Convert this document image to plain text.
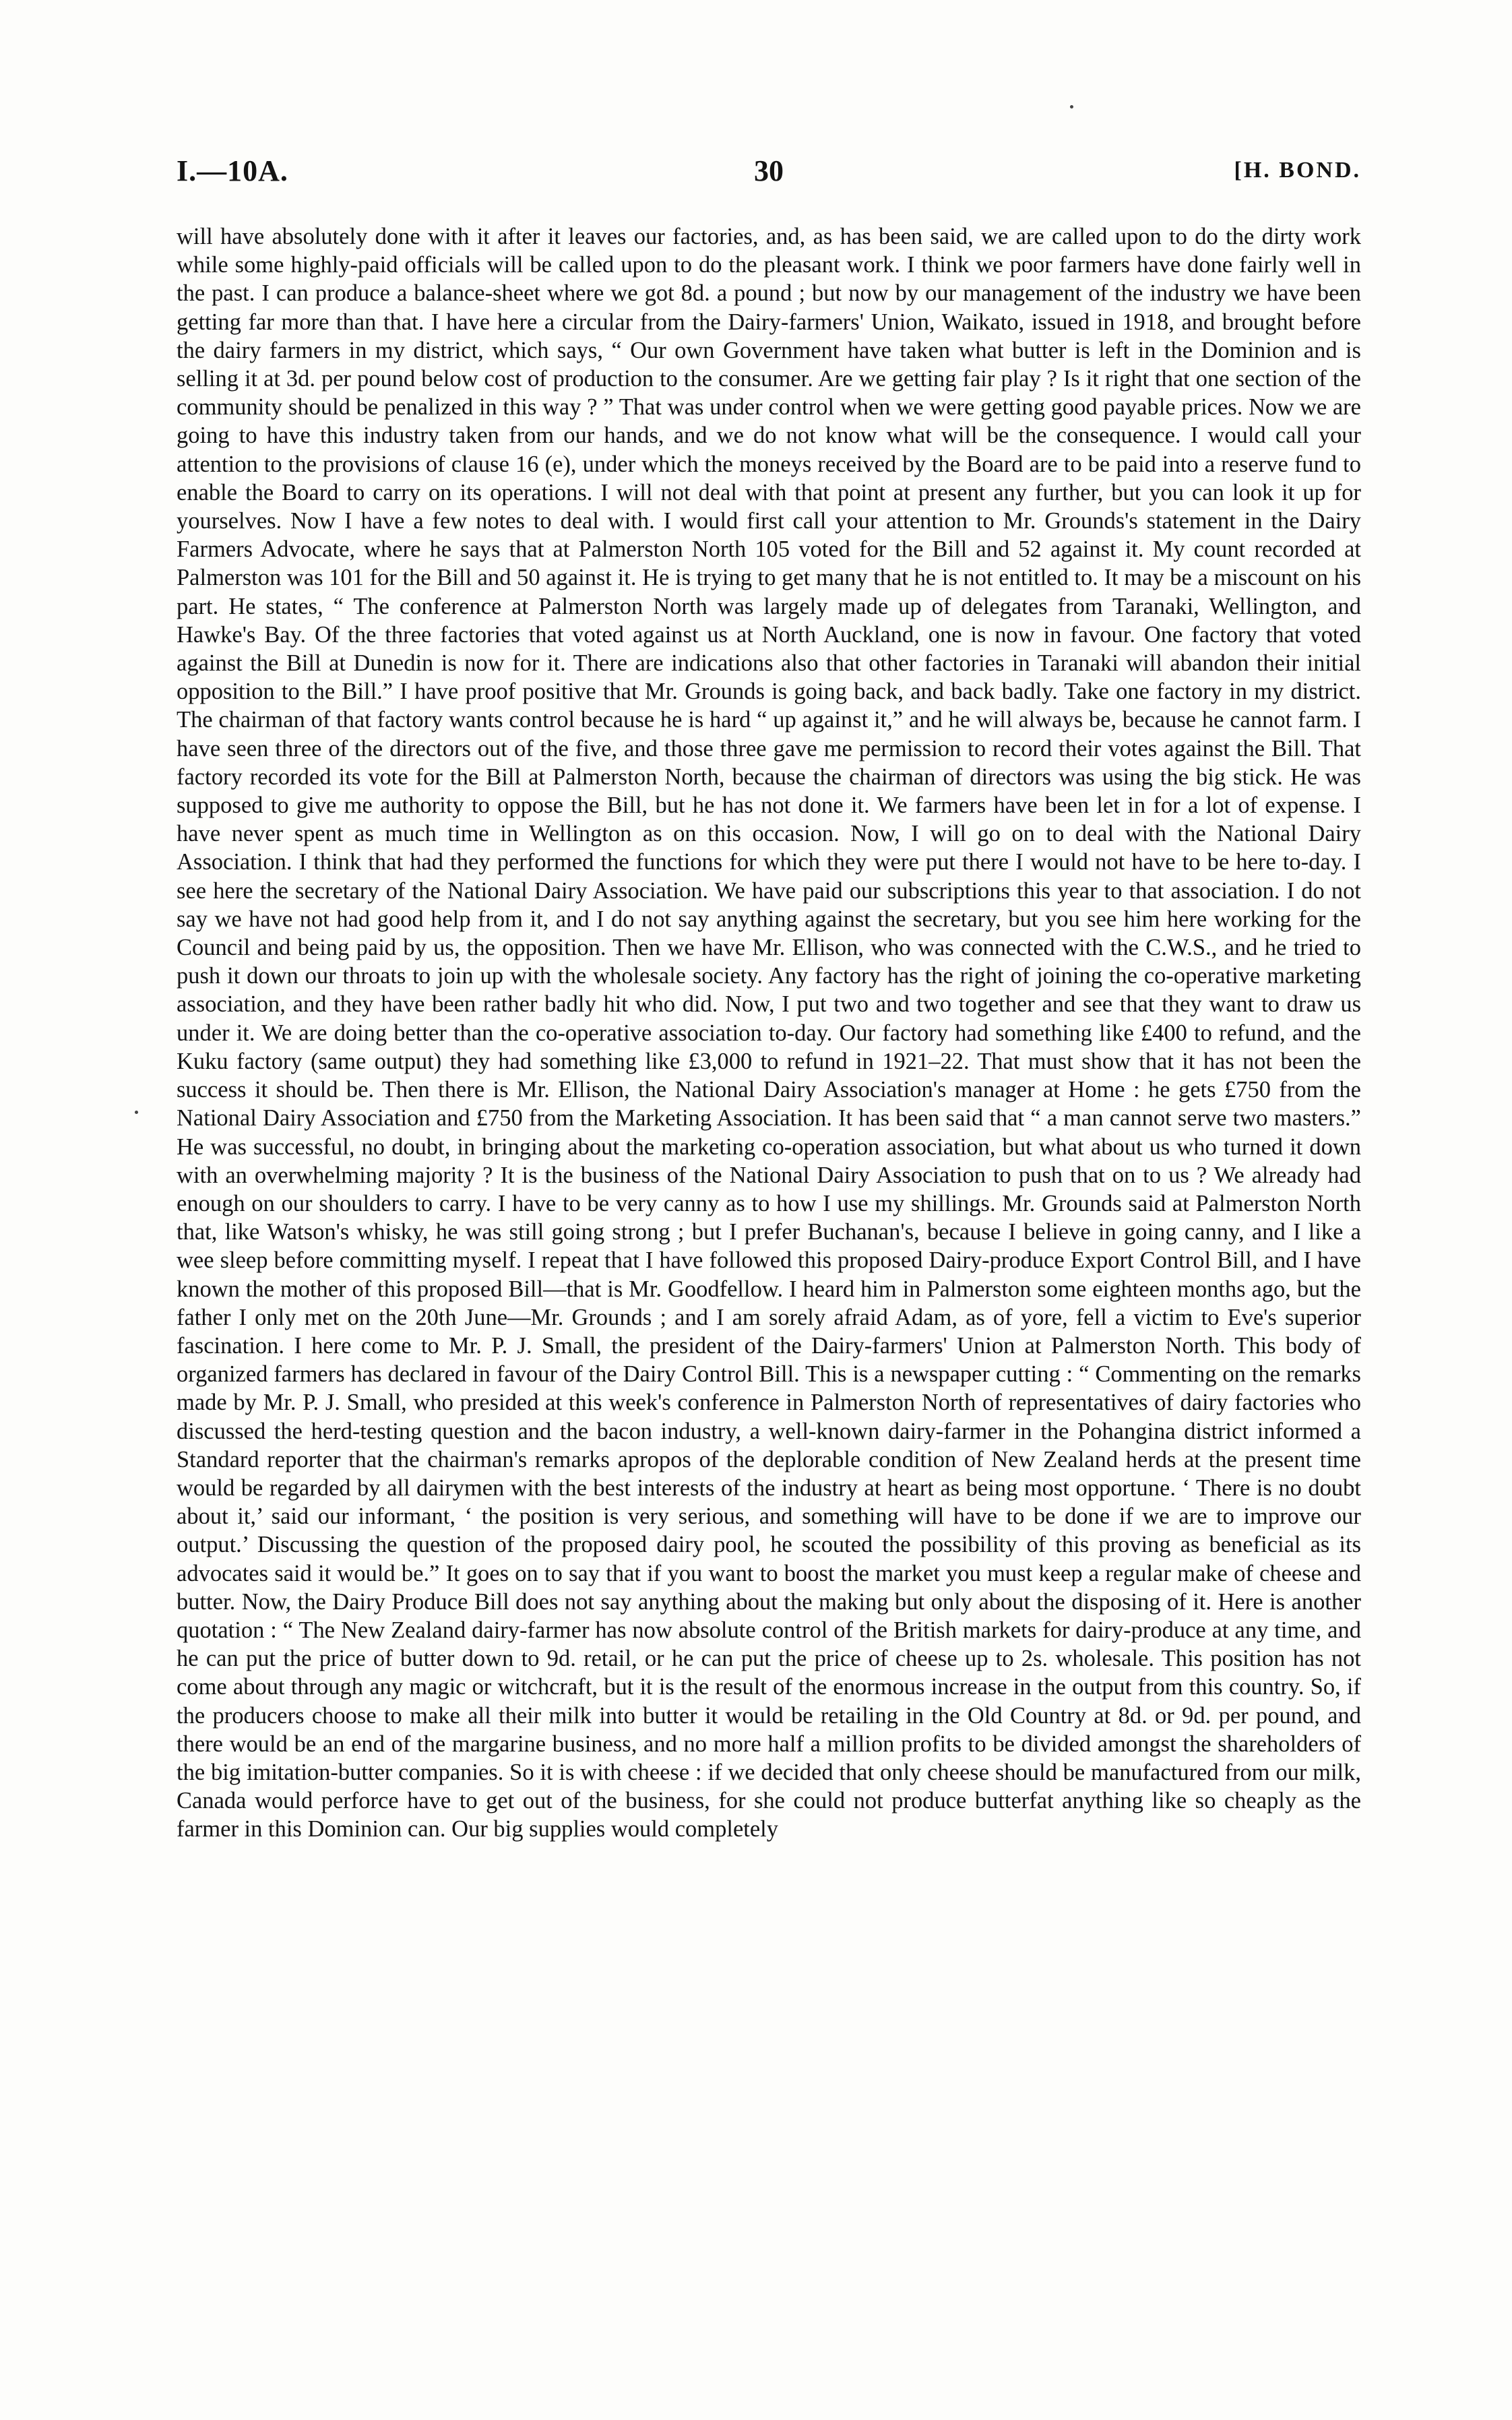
I.—10A.	30	[H. BOND.

will have absolutely done with it after it leaves our factories, and, as has been said, we are called upon to do the dirty work while some highly-paid officials will be called upon to do the pleasant work. I think we poor farmers have done fairly well in the past. I can produce a balance-sheet where we got 8d. a pound ; but now by our management of the industry we have been getting far more than that. I have here a circular from the Dairy-farmers' Union, Waikato, issued in 1918, and brought before the dairy farmers in my district, which says, “ Our own Government have taken what butter is left in the Dominion and is selling it at 3d. per pound below cost of production to the consumer. Are we getting fair play ? Is it right that one section of the community should be penalized in this way ? ” That was under control when we were getting good payable prices. Now we are going to have this industry taken from our hands, and we do not know what will be the consequence. I would call your attention to the provisions of clause 16 (e), under which the moneys received by the Board are to be paid into a reserve fund to enable the Board to carry on its operations. I will not deal with that point at present any further, but you can look it up for yourselves. Now I have a few notes to deal with. I would first call your attention to Mr. Grounds's statement in the Dairy Farmers Advocate, where he says that at Palmerston North 105 voted for the Bill and 52 against it. My count recorded at Palmerston was 101 for the Bill and 50 against it. He is trying to get many that he is not entitled to. It may be a miscount on his part. He states, “ The conference at Palmerston North was largely made up of delegates from Taranaki, Wellington, and Hawke's Bay. Of the three factories that voted against us at North Auckland, one is now in favour. One factory that voted against the Bill at Dunedin is now for it. There are indications also that other factories in Taranaki will abandon their initial opposition to the Bill.” I have proof positive that Mr. Grounds is going back, and back badly. Take one factory in my district. The chairman of that factory wants control because he is hard “ up against it,” and he will always be, because he cannot farm. I have seen three of the directors out of the five, and those three gave me permission to record their votes against the Bill. That factory recorded its vote for the Bill at Palmerston North, because the chairman of directors was using the big stick. He was supposed to give me authority to oppose the Bill, but he has not done it. We farmers have been let in for a lot of expense. I have never spent as much time in Wellington as on this occasion. Now, I will go on to deal with the National Dairy Association. I think that had they performed the functions for which they were put there I would not have to be here to-day. I see here the secretary of the National Dairy Association. We have paid our subscriptions this year to that association. I do not say we have not had good help from it, and I do not say anything against the secretary, but you see him here working for the Council and being paid by us, the opposition. Then we have Mr. Ellison, who was connected with the C.W.S., and he tried to push it down our throats to join up with the wholesale society. Any factory has the right of joining the co-operative marketing association, and they have been rather badly hit who did. Now, I put two and two together and see that they want to draw us under it. We are doing better than the co-operative association to-day. Our factory had something like £400 to refund, and the Kuku factory (same output) they had something like £3,000 to refund in 1921–22. That must show that it has not been the success it should be. Then there is Mr. Ellison, the National Dairy Association's manager at Home : he gets £750 from the National Dairy Association and £750 from the Marketing Association. It has been said that “ a man cannot serve two masters.” He was successful, no doubt, in bringing about the marketing co-operation association, but what about us who turned it down with an overwhelming majority ? It is the business of the National Dairy Association to push that on to us ? We already had enough on our shoulders to carry. I have to be very canny as to how I use my shillings. Mr. Grounds said at Palmerston North that, like Watson's whisky, he was still going strong ; but I prefer Buchanan's, because I believe in going canny, and I like a wee sleep before committing myself. I repeat that I have followed this proposed Dairy-produce Export Control Bill, and I have known the mother of this proposed Bill—that is Mr. Goodfellow. I heard him in Palmerston some eighteen months ago, but the father I only met on the 20th June—Mr. Grounds ; and I am sorely afraid Adam, as of yore, fell a victim to Eve's superior fascination. I here come to Mr. P. J. Small, the president of the Dairy-farmers' Union at Palmerston North. This body of organized farmers has declared in favour of the Dairy Control Bill. This is a newspaper cutting : “ Commenting on the remarks made by Mr. P. J. Small, who presided at this week's conference in Palmerston North of representatives of dairy factories who discussed the herd-testing question and the bacon industry, a well-known dairy-farmer in the Pohangina district informed a Standard reporter that the chairman's remarks apropos of the deplorable condition of New Zealand herds at the present time would be regarded by all dairymen with the best interests of the industry at heart as being most opportune. ‘ There is no doubt about it,’ said our informant, ‘ the position is very serious, and something will have to be done if we are to improve our output.’ Discussing the question of the proposed dairy pool, he scouted the possibility of this proving as beneficial as its advocates said it would be.” It goes on to say that if you want to boost the market you must keep a regular make of cheese and butter. Now, the Dairy Produce Bill does not say anything about the making but only about the disposing of it. Here is another quotation : “ The New Zealand dairy-farmer has now absolute control of the British markets for dairy-produce at any time, and he can put the price of butter down to 9d. retail, or he can put the price of cheese up to 2s. wholesale. This position has not come about through any magic or witchcraft, but it is the result of the enormous increase in the output from this country. So, if the producers choose to make all their milk into butter it would be retailing in the Old Country at 8d. or 9d. per pound, and there would be an end of the margarine business, and no more half a million profits to be divided amongst the shareholders of the big imitation-butter companies. So it is with cheese : if we decided that only cheese should be manufactured from our milk, Canada would perforce have to get out of the business, for she could not produce butterfat anything like so cheaply as the farmer in this Dominion can. Our big supplies would completely
